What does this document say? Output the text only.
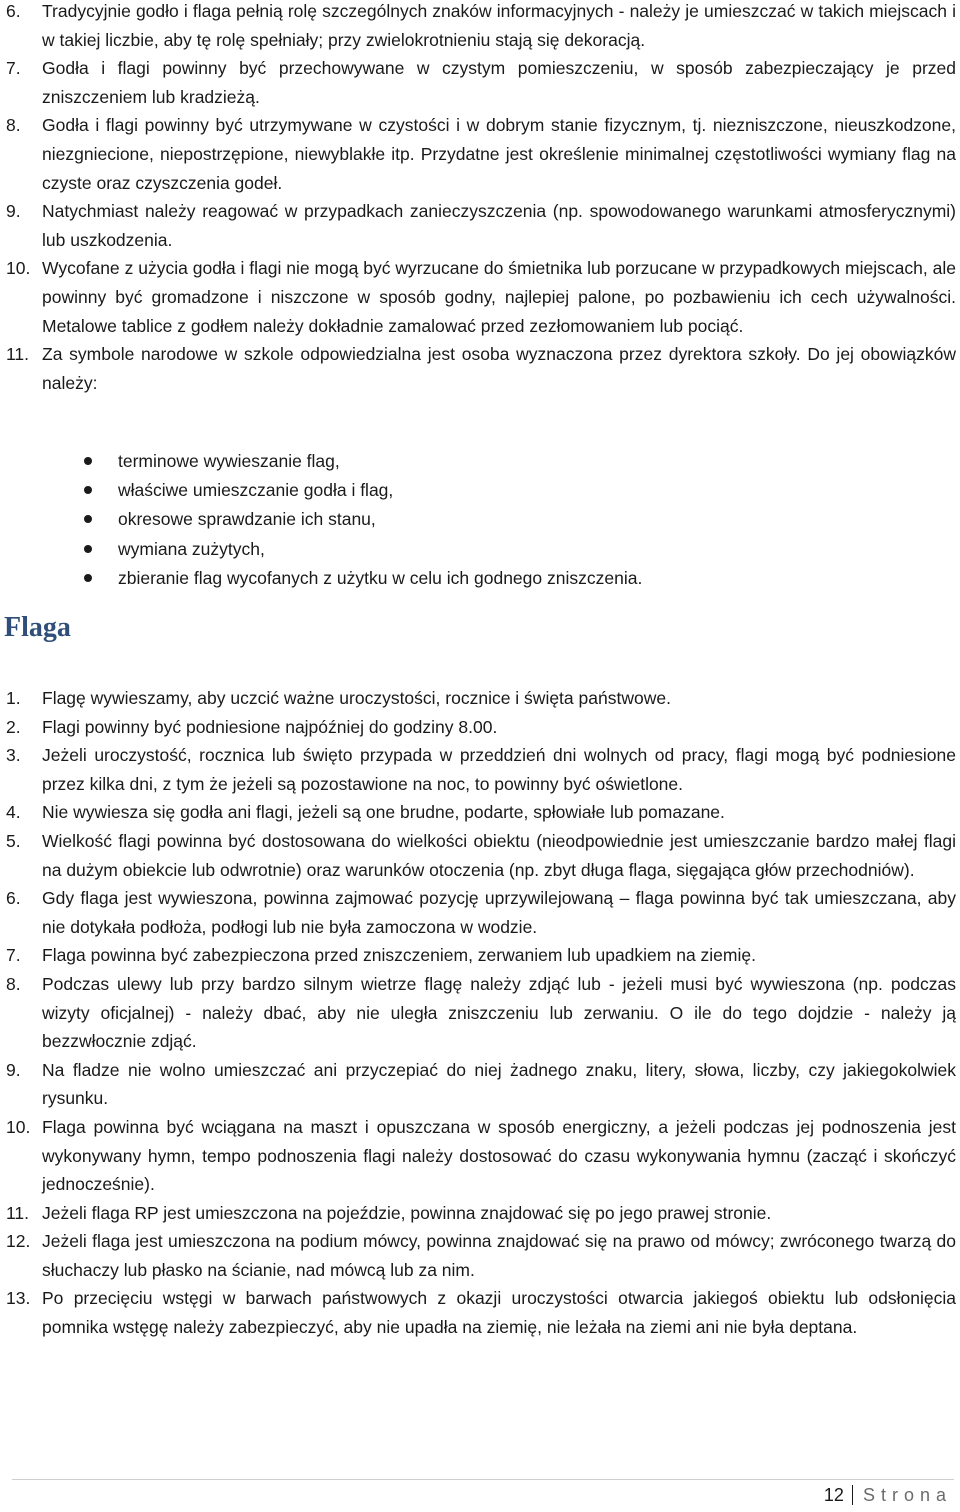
6.	Tradycyjnie godło i flaga pełnią rolę szczególnych znaków informacyjnych - należy je umieszczać w takich miejscach i w takiej liczbie, aby tę rolę spełniały; przy zwielokrotnieniu stają się dekoracją.
7.	Godła i flagi powinny być przechowywane w czystym pomieszczeniu, w sposób zabezpieczający je przed zniszczeniem lub kradzieżą.
8.	Godła i flagi powinny być utrzymywane w czystości i w dobrym stanie fizycznym, tj. niezniszczone, nieuszkodzone, niezgniecione, niepostrzępione, niewyblakłe itp. Przydatne jest określenie minimalnej częstotliwości wymiany flag na czyste oraz czyszczenia godeł.
9.	Natychmiast należy reagować w przypadkach zanieczyszczenia (np. spowodowanego warunkami atmosferycznymi) lub uszkodzenia.
10. Wycofane z użycia godła i flagi nie mogą być wyrzucane do śmietnika lub porzucane w przypadkowych miejscach, ale powinny być gromadzone i niszczone w sposób godny, najlepiej palone, po pozbawieniu ich cech używalności. Metalowe tablice z godłem należy dokładnie zamalować przed zezłomowaniem lub pociąć.
11. Za symbole narodowe w szkole odpowiedzialna jest osoba wyznaczona przez dyrektora szkoły. Do jej obowiązków należy:
terminowe wywieszanie flag,
właściwe umieszczanie godła i flag,
okresowe sprawdzanie ich stanu,
wymiana zużytych,
zbieranie flag wycofanych z użytku w celu ich godnego zniszczenia.
Flaga
1.	Flagę wywieszamy, aby uczcić ważne uroczystości, rocznice i święta państwowe.
2.	Flagi powinny być podniesione najpóźniej do godziny 8.00.
3.	Jeżeli uroczystość, rocznica lub święto przypada w przeddzień dni wolnych od pracy, flagi mogą być podniesione przez kilka dni, z tym że jeżeli są pozostawione na noc, to powinny być oświetlone.
4.	Nie wywiesza się godła ani flagi, jeżeli są one brudne, podarte, spłowiałe lub pomazane.
5.	Wielkość flagi powinna być dostosowana do wielkości obiektu (nieodpowiednie jest umieszczanie bardzo małej flagi na dużym obiekcie lub odwrotnie) oraz warunków otoczenia (np. zbyt długa flaga, sięgająca głów przechodniów).
6.	Gdy flaga jest wywieszona, powinna zajmować pozycję uprzywilejowaną – flaga powinna być tak umieszczana, aby nie dotykała podłoża, podłogi lub nie była zamoczona w wodzie.
7.	Flaga powinna być zabezpieczona przed zniszczeniem, zerwaniem lub upadkiem na ziemię.
8.	Podczas ulewy lub przy bardzo silnym wietrze flagę należy zdjąć lub - jeżeli musi być wywieszona (np. podczas wizyty oficjalnej) - należy dbać, aby nie uległa zniszczeniu lub zerwaniu. O ile do tego dojdzie - należy ją bezzwłocznie zdjąć.
9.	Na fladze nie wolno umieszczać ani przyczepiać do niej żadnego znaku, litery, słowa, liczby, czy jakiegokolwiek rysunku.
10. Flaga powinna być wciągana na maszt i opuszczana w sposób energiczny, a jeżeli podczas jej podnoszenia jest wykonywany hymn, tempo podnoszenia flagi należy dostosować do czasu wykonywania hymnu (zacząć i skończyć jednocześnie).
11. Jeżeli flaga RP jest umieszczona na pojeździe, powinna znajdować się po jego prawej stronie.
12. Jeżeli flaga jest umieszczona na podium mówcy, powinna znajdować się na prawo od mówcy; zwróconego twarzą do słuchaczy lub płasko na ścianie, nad mówcą lub za nim.
13. Po przecięciu wstęgi w barwach państwowych z okazji uroczystości otwarcia jakiegoś obiektu lub odsłonięcia pomnika wstęgę należy zabezpieczyć, aby nie upadła na ziemię, nie leżała na ziemi ani nie była deptana.
12 Strona
